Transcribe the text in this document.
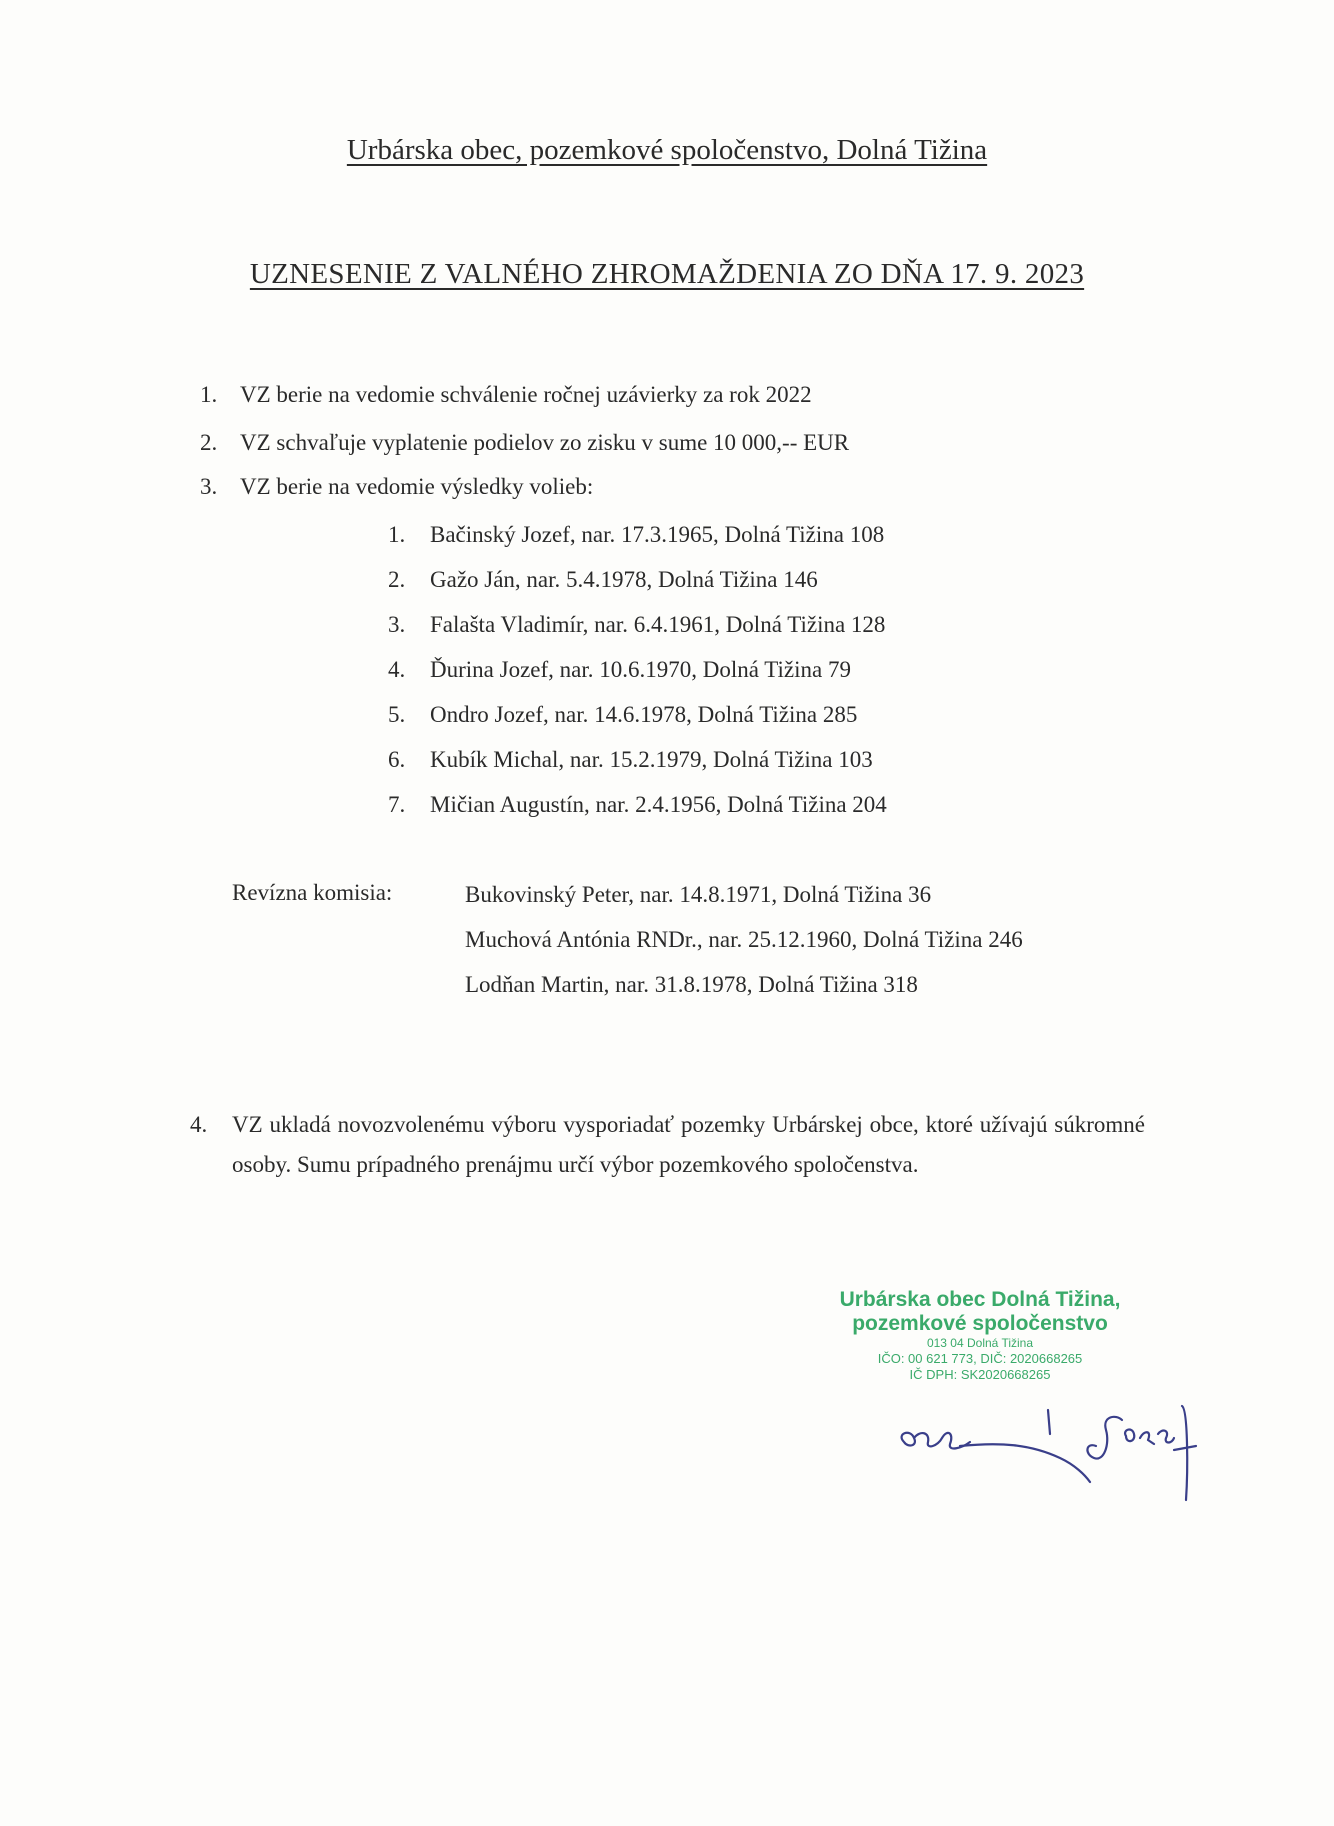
Urbárska obec, pozemkové spoločenstvo, Dolná Tižina
UZNESENIE Z VALNÉHO ZHROMAŽDENIA ZO DŇA 17. 9. 2023
1. VZ berie na vedomie schválenie ročnej uzávierky za rok 2022
2. VZ schvaľuje vyplatenie podielov zo zisku v sume 10 000,-- EUR
3. VZ berie na vedomie výsledky volieb:
1. Bačinský Jozef, nar. 17.3.1965, Dolná Tižina 108
2. Gažo Ján, nar. 5.4.1978, Dolná Tižina 146
3. Falašta Vladimír, nar. 6.4.1961, Dolná Tižina 128
4. Ďurina Jozef, nar. 10.6.1970, Dolná Tižina 79
5. Ondro Jozef, nar. 14.6.1978, Dolná Tižina 285
6. Kubík Michal, nar. 15.2.1979, Dolná Tižina 103
7. Mičian Augustín, nar. 2.4.1956, Dolná Tižina 204
Revízna komisia:	Bukovinský Peter, nar. 14.8.1971, Dolná Tižina 36
Muchová Antónia RNDr., nar. 25.12.1960, Dolná Tižina 246
Lodňan Martin, nar. 31.8.1978, Dolná Tižina 318
4. VZ ukladá novozvolenému výboru vysporiadať pozemky Urbárskej obce, ktoré užívajú súkromné osoby. Sumu prípadného prenájmu určí výbor pozemkového spoločenstva.
Urbárska obec Dolná Tižina,
pozemkové spoločenstvo
013 04 Dolná Tižina
IČO: 00 621 773, DIČ: 2020668265
IČ DPH: SK2020668265
